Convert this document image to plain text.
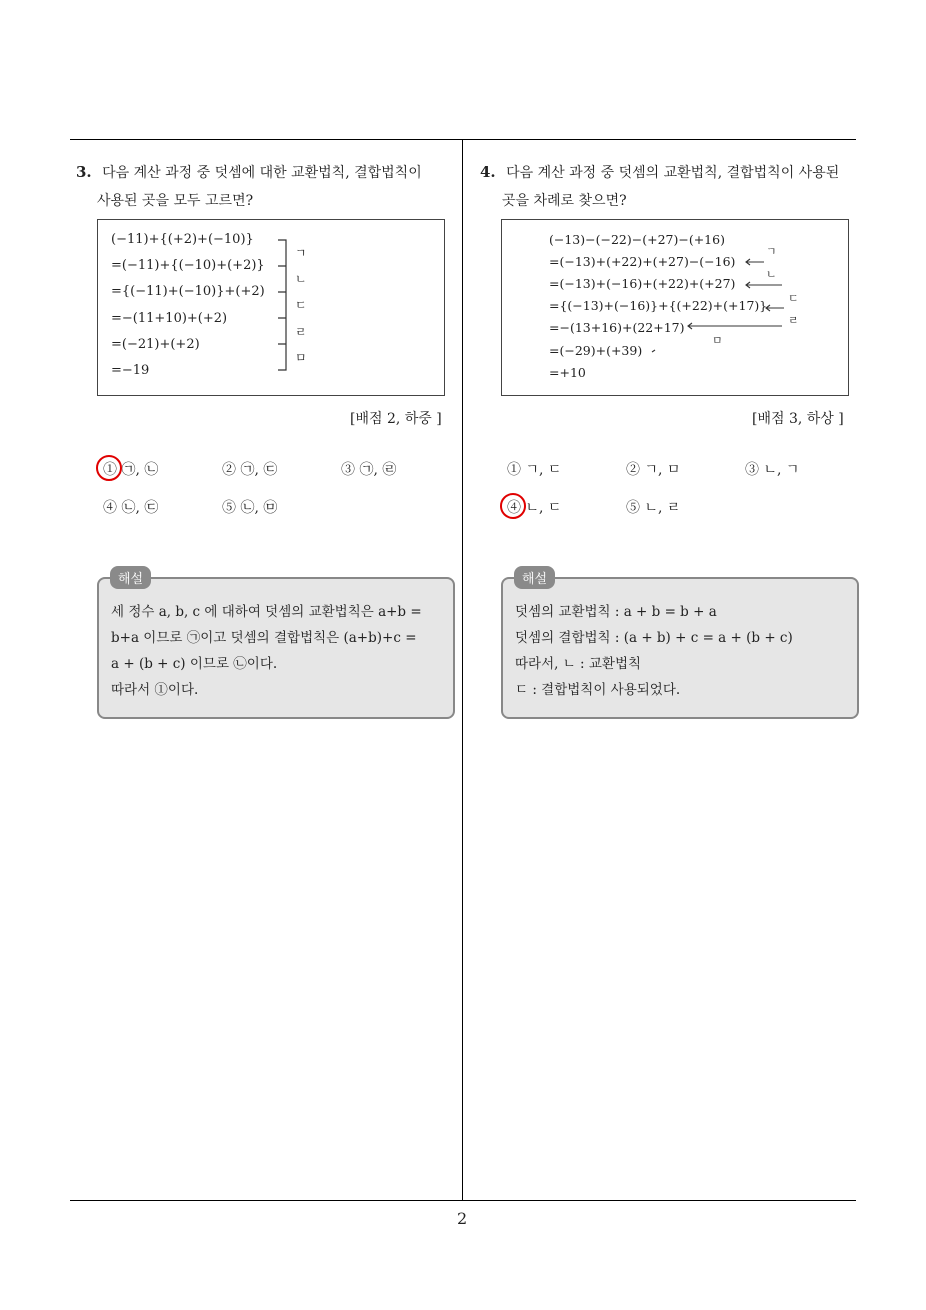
3. 다음 계산 과정 중 덧셈에 대한 교환법칙, 결합법칙이
사용된 곳을 모두 고르면?
(−11)+{(+2)+(−10)}
=(−11)+{(−10)+(+2)}
={(−11)+(−10)}+(+2)
=−(11+10)+(+2)
=(−21)+(+2)
=−19
ㄱ
ㄴ
ㄷ
ㄹ
ㅁ
[배점 2, 하중 ]
① ㉠, ㉡	② ㉠, ㉢	③ ㉠, ㉣
④ ㉡, ㉢	⑤ ㉡, ㉤
해설
세 정수 a, b, c 에 대하여 덧셈의 교환법칙은 a+b =
b+a 이므로 ㉠이고 덧셈의 결합법칙은 (a+b)+c =
a + (b + c) 이므로 ㉡이다.
따라서 ①이다.
4. 다음 계산 과정 중 덧셈의 교환법칙, 결합법칙이 사용된
곳을 차례로 찾으면?
(−13)−(−22)−(+27)−(+16)
=(−13)+(+22)+(+27)−(−16)
=(−13)+(−16)+(+22)+(+27)
={(−13)+(−16)}+{(+22)+(+17)}
=−(13+16)+(22+17)
=(−29)+(+39)
=+10
ㄱ
ㄴ
ㄷ
ㄹ
ㅁ
[배점 3, 하상 ]
① ㄱ, ㄷ	② ㄱ, ㅁ	③ ㄴ, ㄱ
④ ㄴ, ㄷ	⑤ ㄴ, ㄹ
해설
덧셈의 교환법칙 : a + b = b + a
덧셈의 결합법칙 : (a + b) + c = a + (b + c)
따라서, ㄴ : 교환법칙
ㄷ : 결합법칙이 사용되었다.
2
